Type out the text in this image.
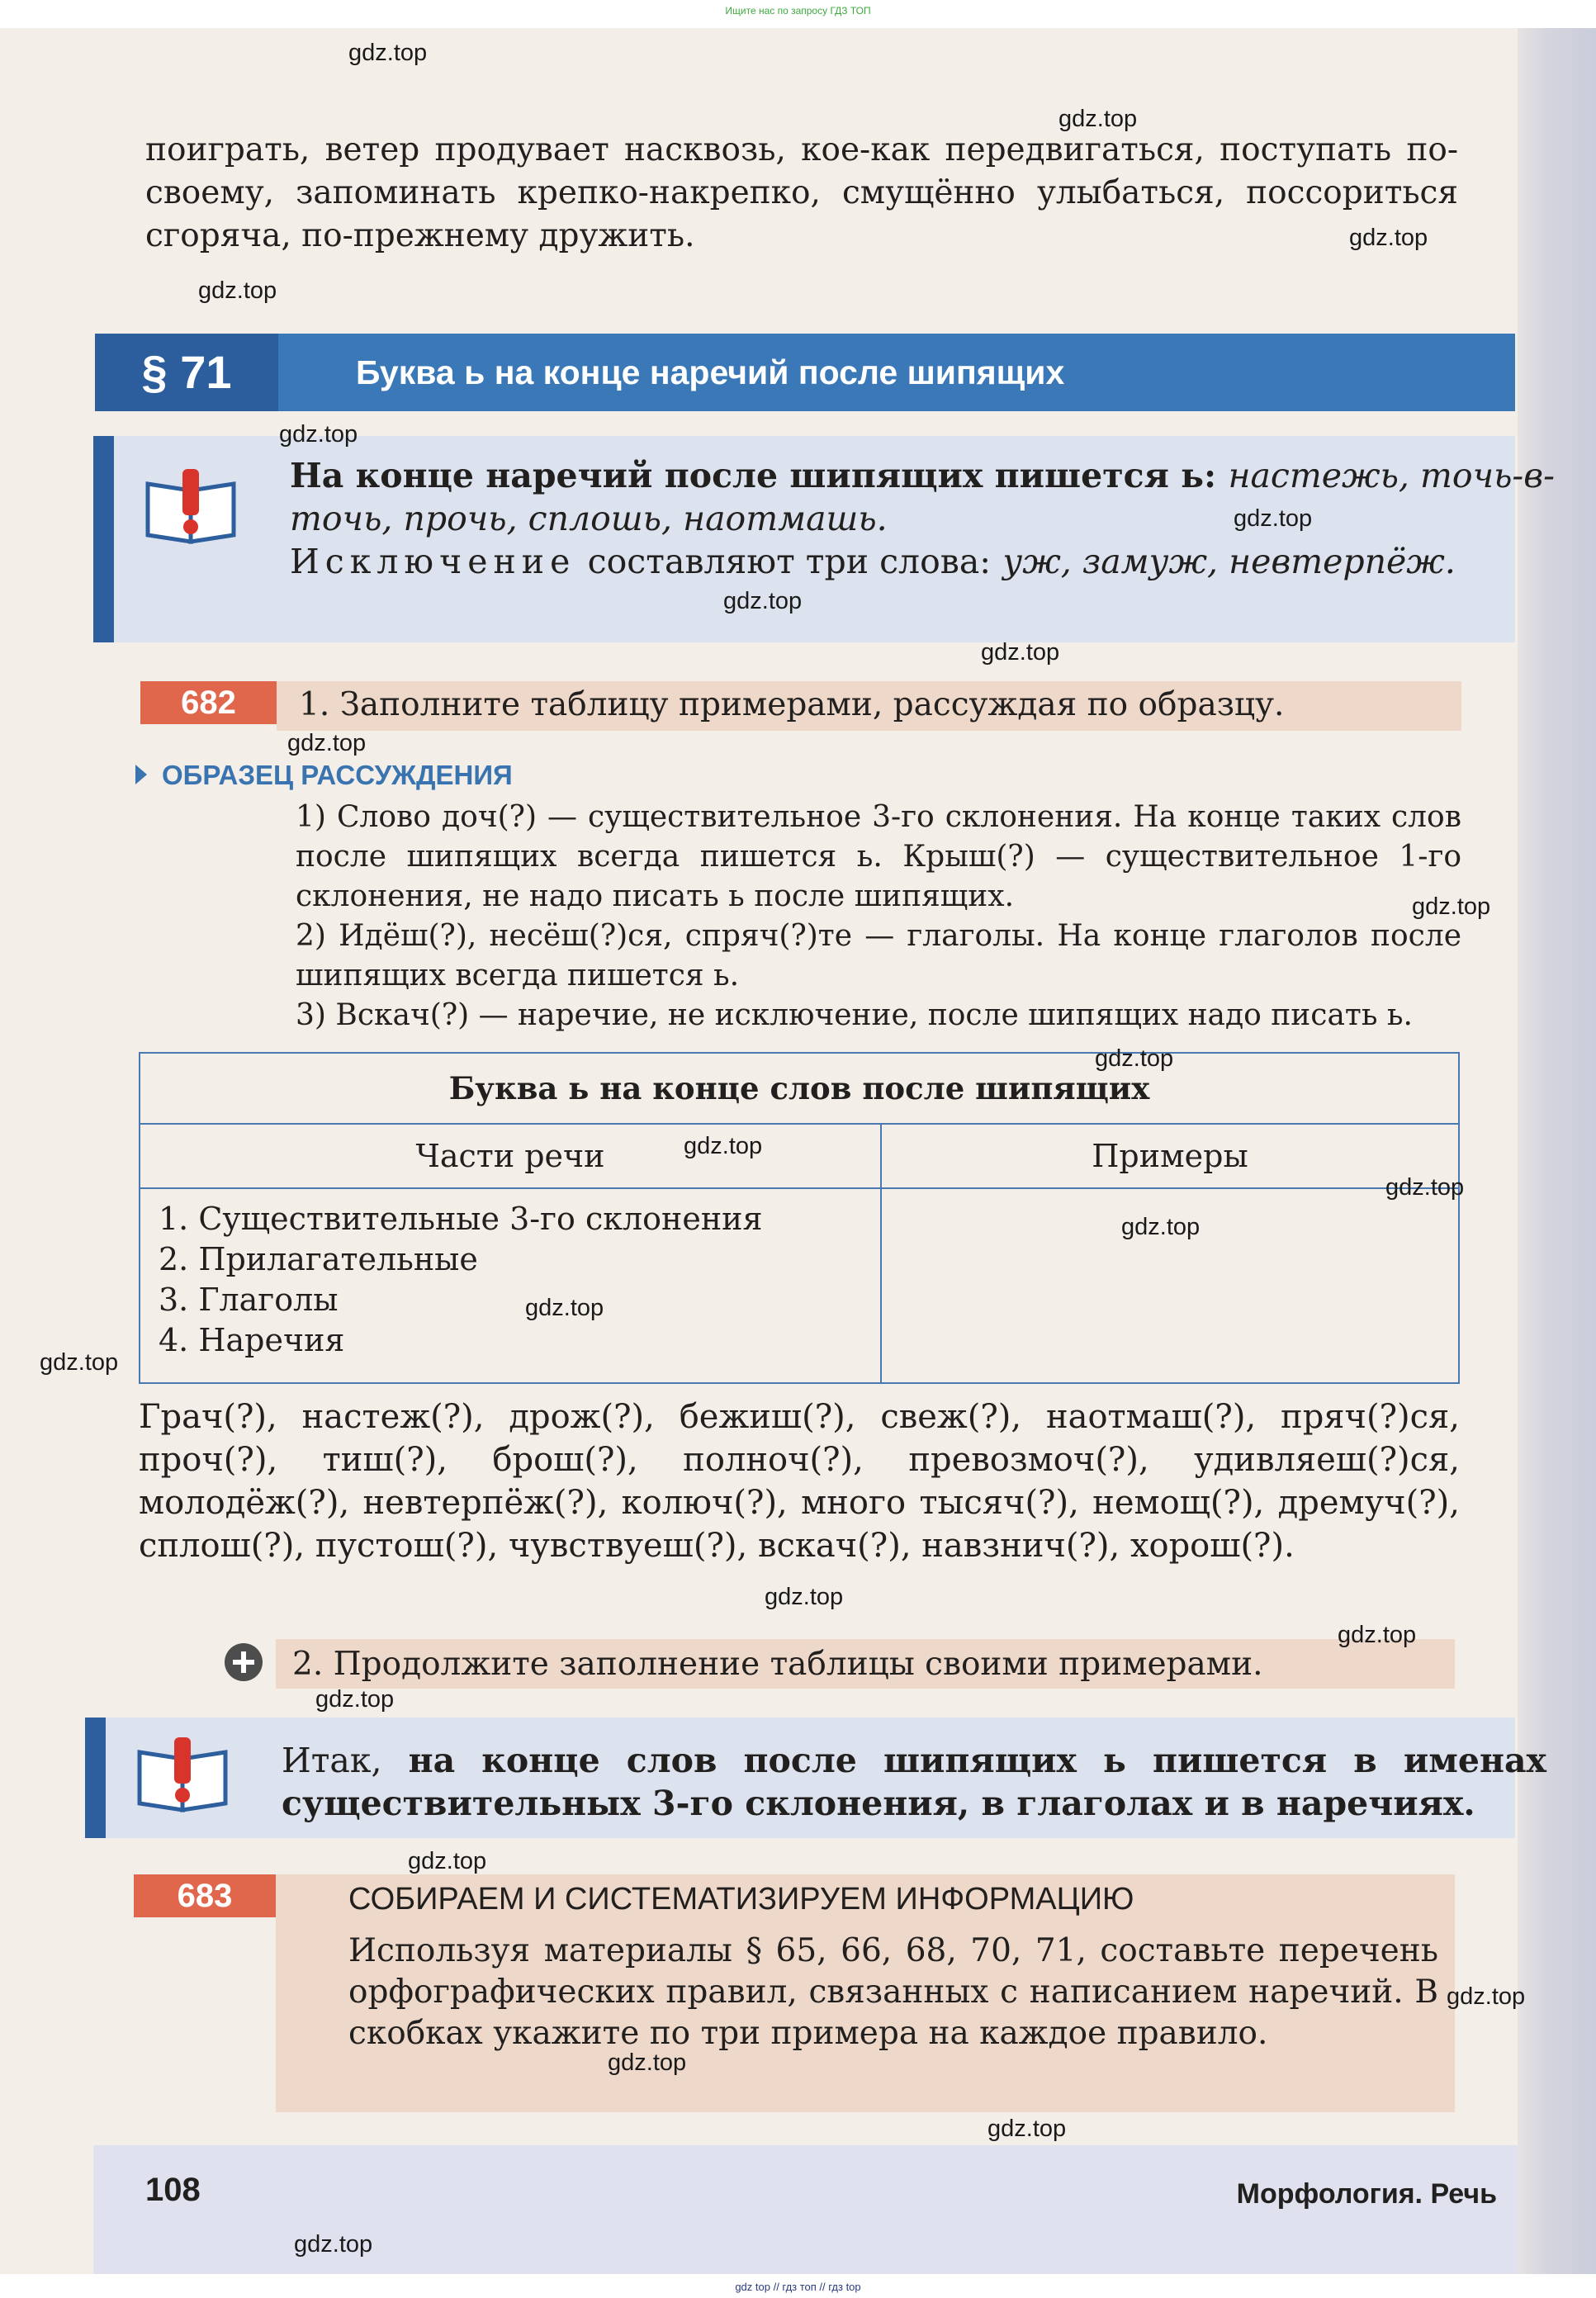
Ищите нас по запросу ГДЗ ТОП
поиграть, ветер продувает насквозь, кое-как передвигаться, поступать по-своему, запоминать крепко-накрепко, смущённо улыбаться, поссориться сгоряча, по-прежнему дружить.
§ 71	Буква ь на конце наречий после шипящих
На конце наречий после шипящих пишется ь: настежь, точь-в-точь, прочь, сплошь, наотмашь.
Исключение составляют три слова: уж, замуж, невтерпёж.
682	1. Заполните таблицу примерами, рассуждая по образцу.
ОБРАЗЕЦ РАССУЖДЕНИЯ
1) Слово доч(?) — существительное 3-го склонения. На конце таких слов после шипящих всегда пишется ь. Крыш(?) — существительное 1-го склонения, не надо писать ь после шипящих.
2) Идёш(?), несёш(?)ся, спряч(?)те — глаголы. На конце глаголов после шипящих всегда пишется ь.
3) Вскач(?) — наречие, не исключение, после шипящих надо писать ь.
Буква ь на конце слов после шипящих	
Части речи	Примеры

1. Существительные 3-го склонения
2. Прилагательные
3. Глаголы
4. Наречия	

Грач(?), настеж(?), дрож(?), бежиш(?), свеж(?), наотмаш(?), пряч(?)ся, проч(?), тиш(?), брош(?), полноч(?), превозмоч(?), удивляеш(?)ся, молодёж(?), невтерпёж(?), колюч(?), много тысяч(?), немощ(?), дремуч(?), сплош(?), пустош(?), чувствуеш(?), вскач(?), навзнич(?), хорош(?).
2. Продолжите заполнение таблицы своими примерами.
Итак, на конце слов после шипящих ь пишется в именах существительных 3-го склонения, в глаголах и в наречиях.
683	СОБИРАЕМ И СИСТЕМАТИЗИРУЕМ ИНФОРМАЦИЮ
Используя материалы § 65, 66, 68, 70, 71, составьте перечень орфографических правил, связанных с написанием наречий. В скобках укажите по три примера на каждое правило.
108	Морфология. Речь
gdz.top
gdz.top
gdz.top
gdz.top
gdz.top
gdz.top
gdz.top
gdz.top
gdz.top
gdz.top
gdz.top
gdz.top
gdz.top
gdz.top
gdz.top
gdz.top
gdz.top
gdz.top
gdz.top
gdz.top
gdz.top
gdz.top
gdz.top
gdz.top
gdz top // гдз топ // гдз top
